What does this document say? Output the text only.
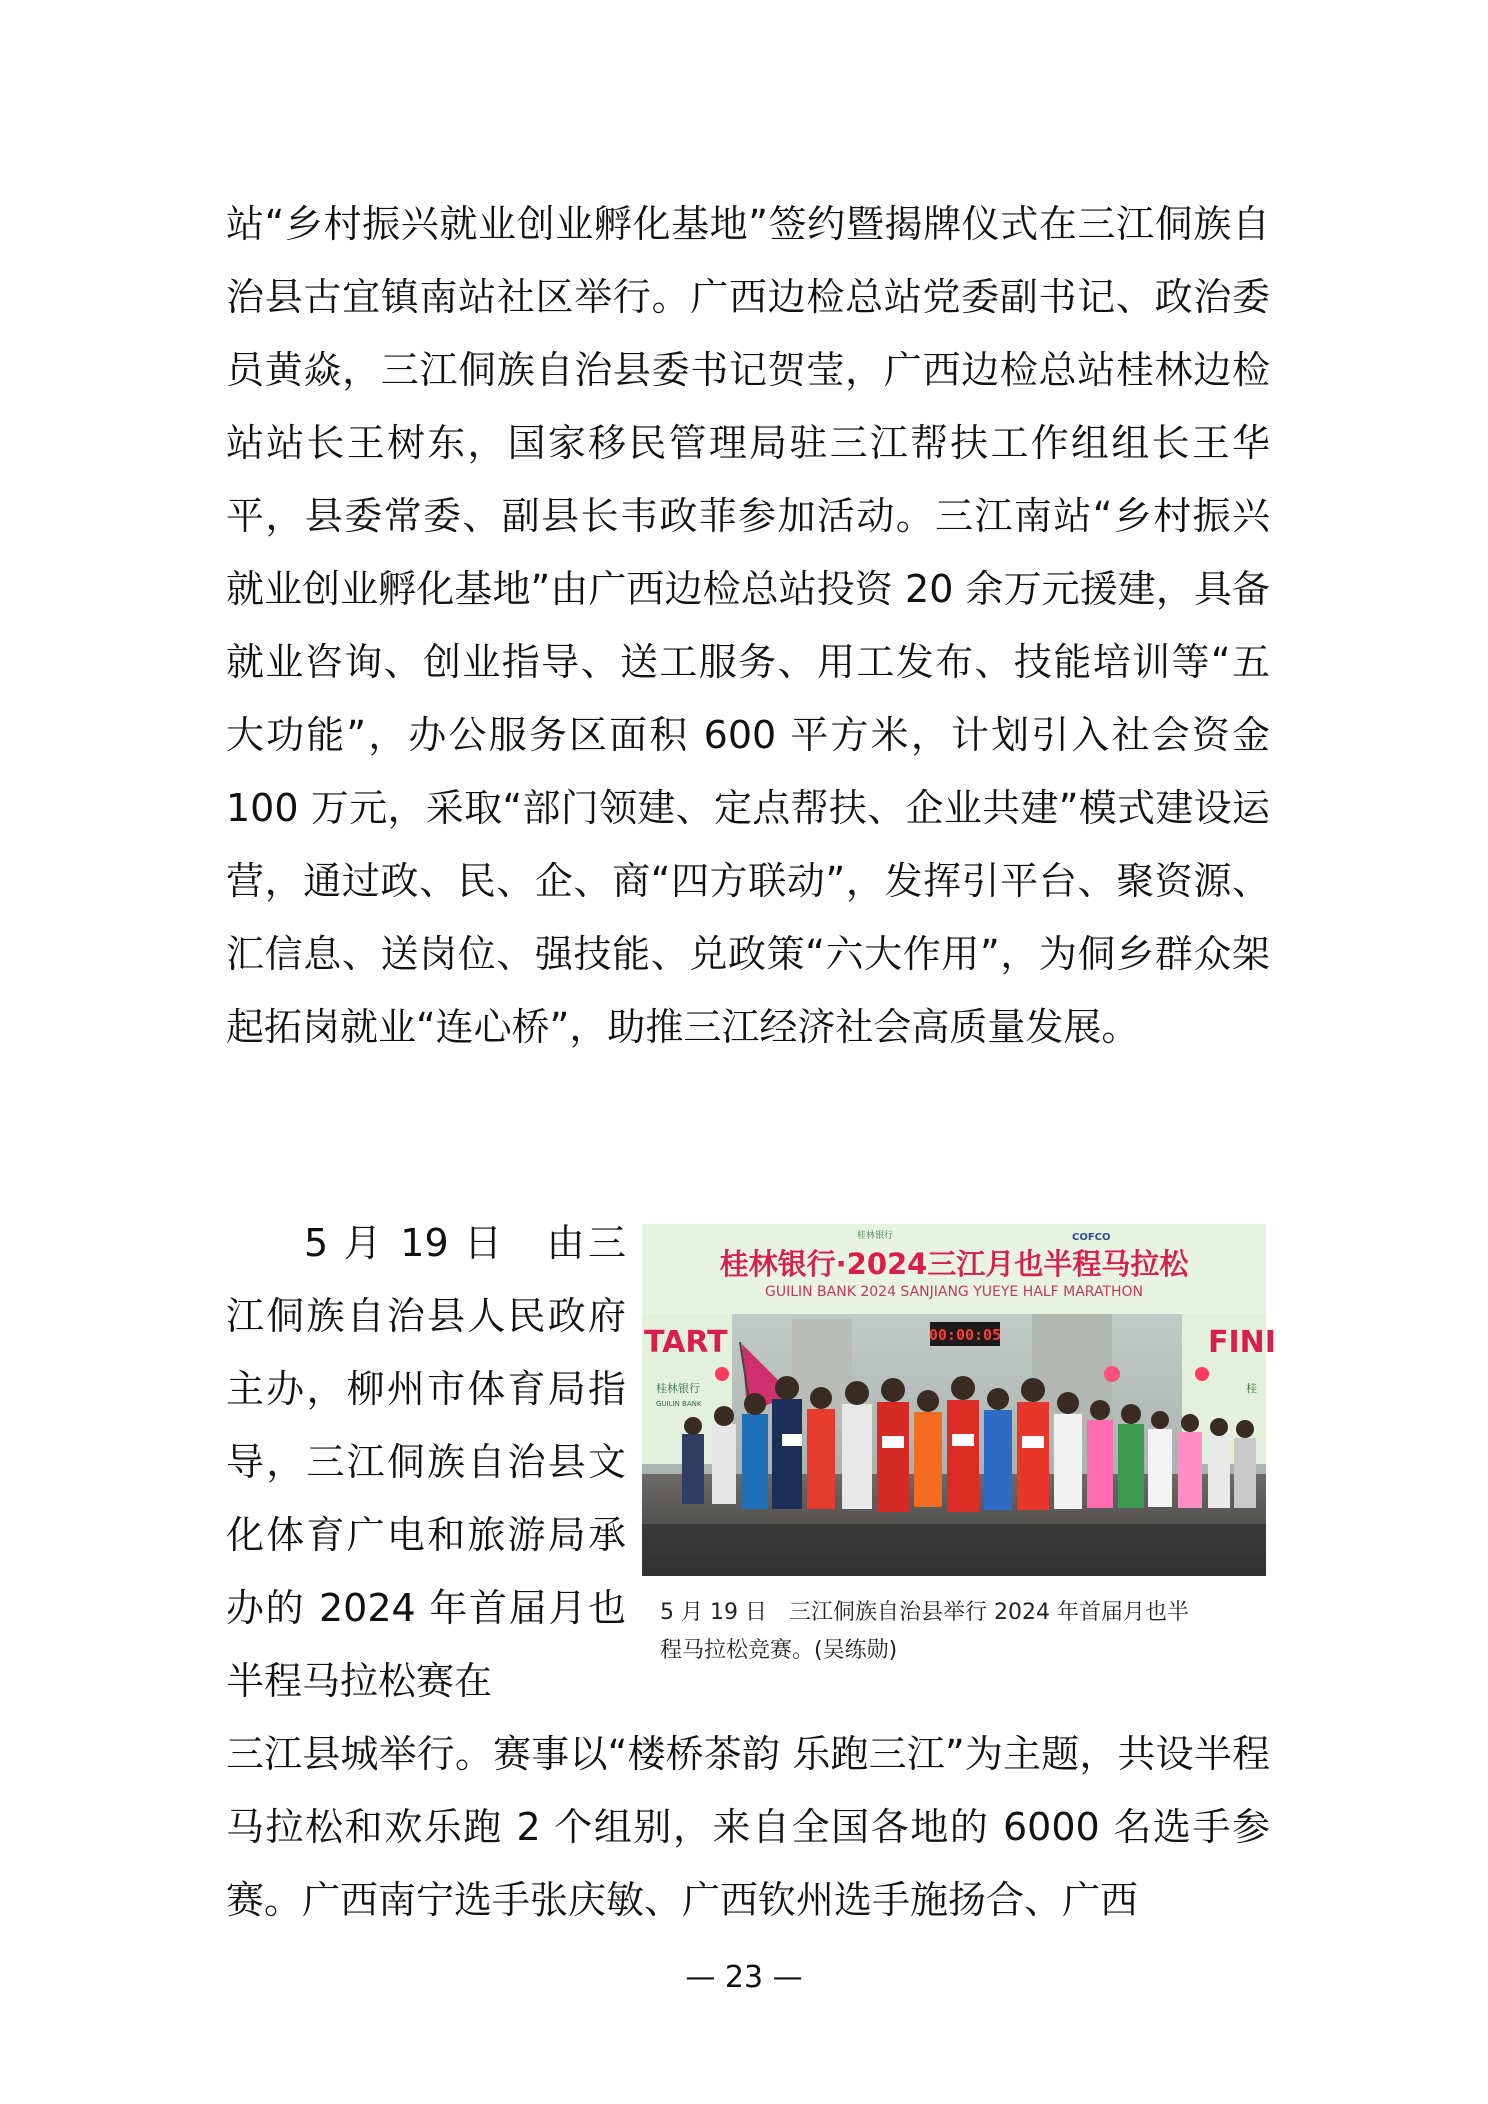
站“乡村振兴就业创业孵化基地”签约暨揭牌仪式在三江侗族自治县古宜镇南站社区举行。广西边检总站党委副书记、政治委员黄焱，三江侗族自治县委书记贺莹，广西边检总站桂林边检站站长王树东，国家移民管理局驻三江帮扶工作组组长王华平，县委常委、副县长韦政菲参加活动。三江南站“乡村振兴就业创业孵化基地”由广西边检总站投资 20 余万元援建，具备就业咨询、创业指导、送工服务、用工发布、技能培训等“五大功能”，办公服务区面积 600 平方米，计划引入社会资金 100 万元，采取“部门领建、定点帮扶、企业共建”模式建设运营，通过政、民、企、商“四方联动”，发挥引平台、聚资源、汇信息、送岗位、强技能、兑政策“六大作用”，为侗乡群众架起拓岗就业“连心桥”，助推三江经济社会高质量发展。

5 月 19 日　由三江侗族自治县人民政府主办，柳州市体育局指导，三江侗族自治县文化体育广电和旅游局承办的 2024 年首届月也半程马拉松赛在

桂林银行	COFCO
桂林银行·2024三江月也半程马拉松
GUILIN BANK 2024 SANJIANG YUEYE HALF MARATHON
TART
桂林银行
GUILIN BANK
FINI
桂
00:00:05
5 月 19 日　三江侗族自治县举行 2024 年首届月也半
程马拉松竞赛。(吴练勋)

三江县城举行。赛事以“楼桥茶韵 乐跑三江”为主题，共设半程马拉松和欢乐跑 2 个组别，来自全国各地的 6000 名选手参赛。广西南宁选手张庆敏、广西钦州选手施扬合、广西

— 23 —
